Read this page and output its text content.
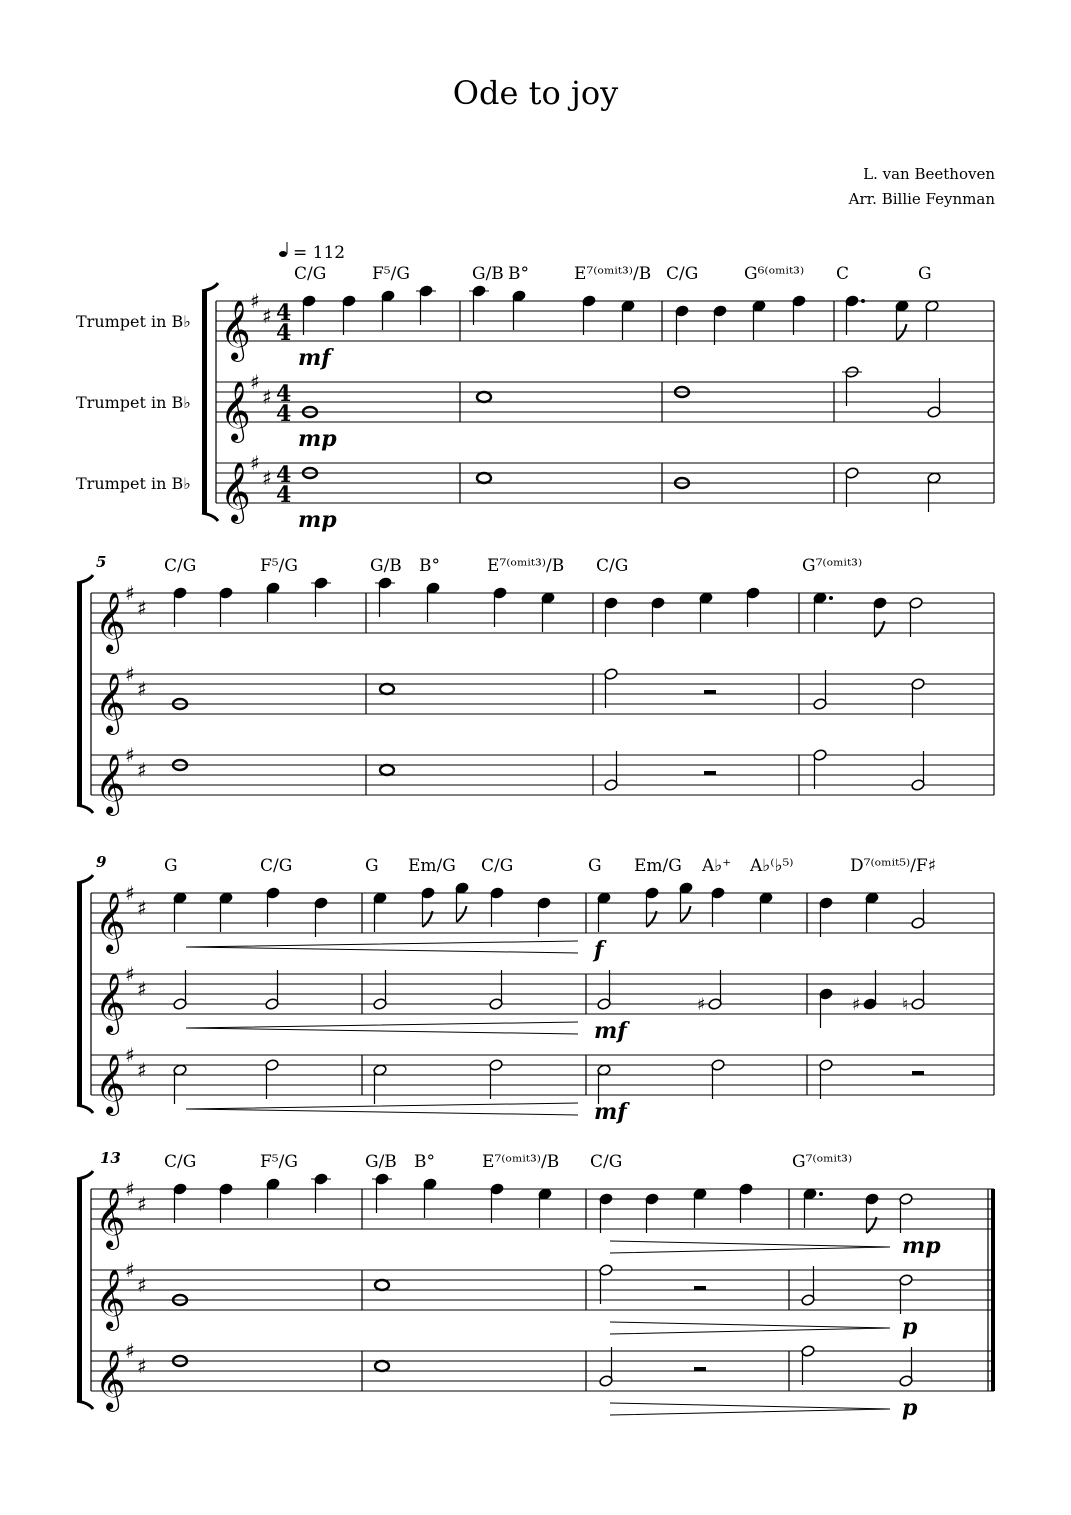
Ode to joy
L. van Beethoven
Arr. Billie Feynman
𝄞 ♯
♯ 4
4
Trumpet in B♭
𝄞 ♯
♯ 4
4
Trumpet in B♭
𝄞 ♯
♯ 4
4
Trumpet in B♭
C/G	F⁵/G	G/B B°	E⁷⁽ᵒᵐⁱᵗ³⁾/B C/G	G⁶⁽ᵒᵐⁱᵗ³⁾ C	G
mf
mp
mp
𝄞 ♯
♯
𝄞 ♯
♯
𝄞 ♯
♯
5	C/G	F⁵/G	G/B B°	E⁷⁽ᵒᵐⁱᵗ³⁾/B C/G	G⁷⁽ᵒᵐⁱᵗ³⁾
𝄞 ♯
♯
𝄞 ♯
♯
𝄞 ♯
♯
9	G	C/G	G Em/G C/G	G Em/G A♭⁺ A♭⁽♭⁵⁾	D⁷⁽ᵒᵐⁱᵗ⁵⁾/F♯
♯	♯ ♮
f
mf
mf
𝄞 ♯
♯
𝄞 ♯
♯
𝄞 ♯
♯
13	C/G	F⁵/G	G/B B°	E⁷⁽ᵒᵐⁱᵗ³⁾/B C/G	G⁷⁽ᵒᵐⁱᵗ³⁾
mp
p
p
= 112
